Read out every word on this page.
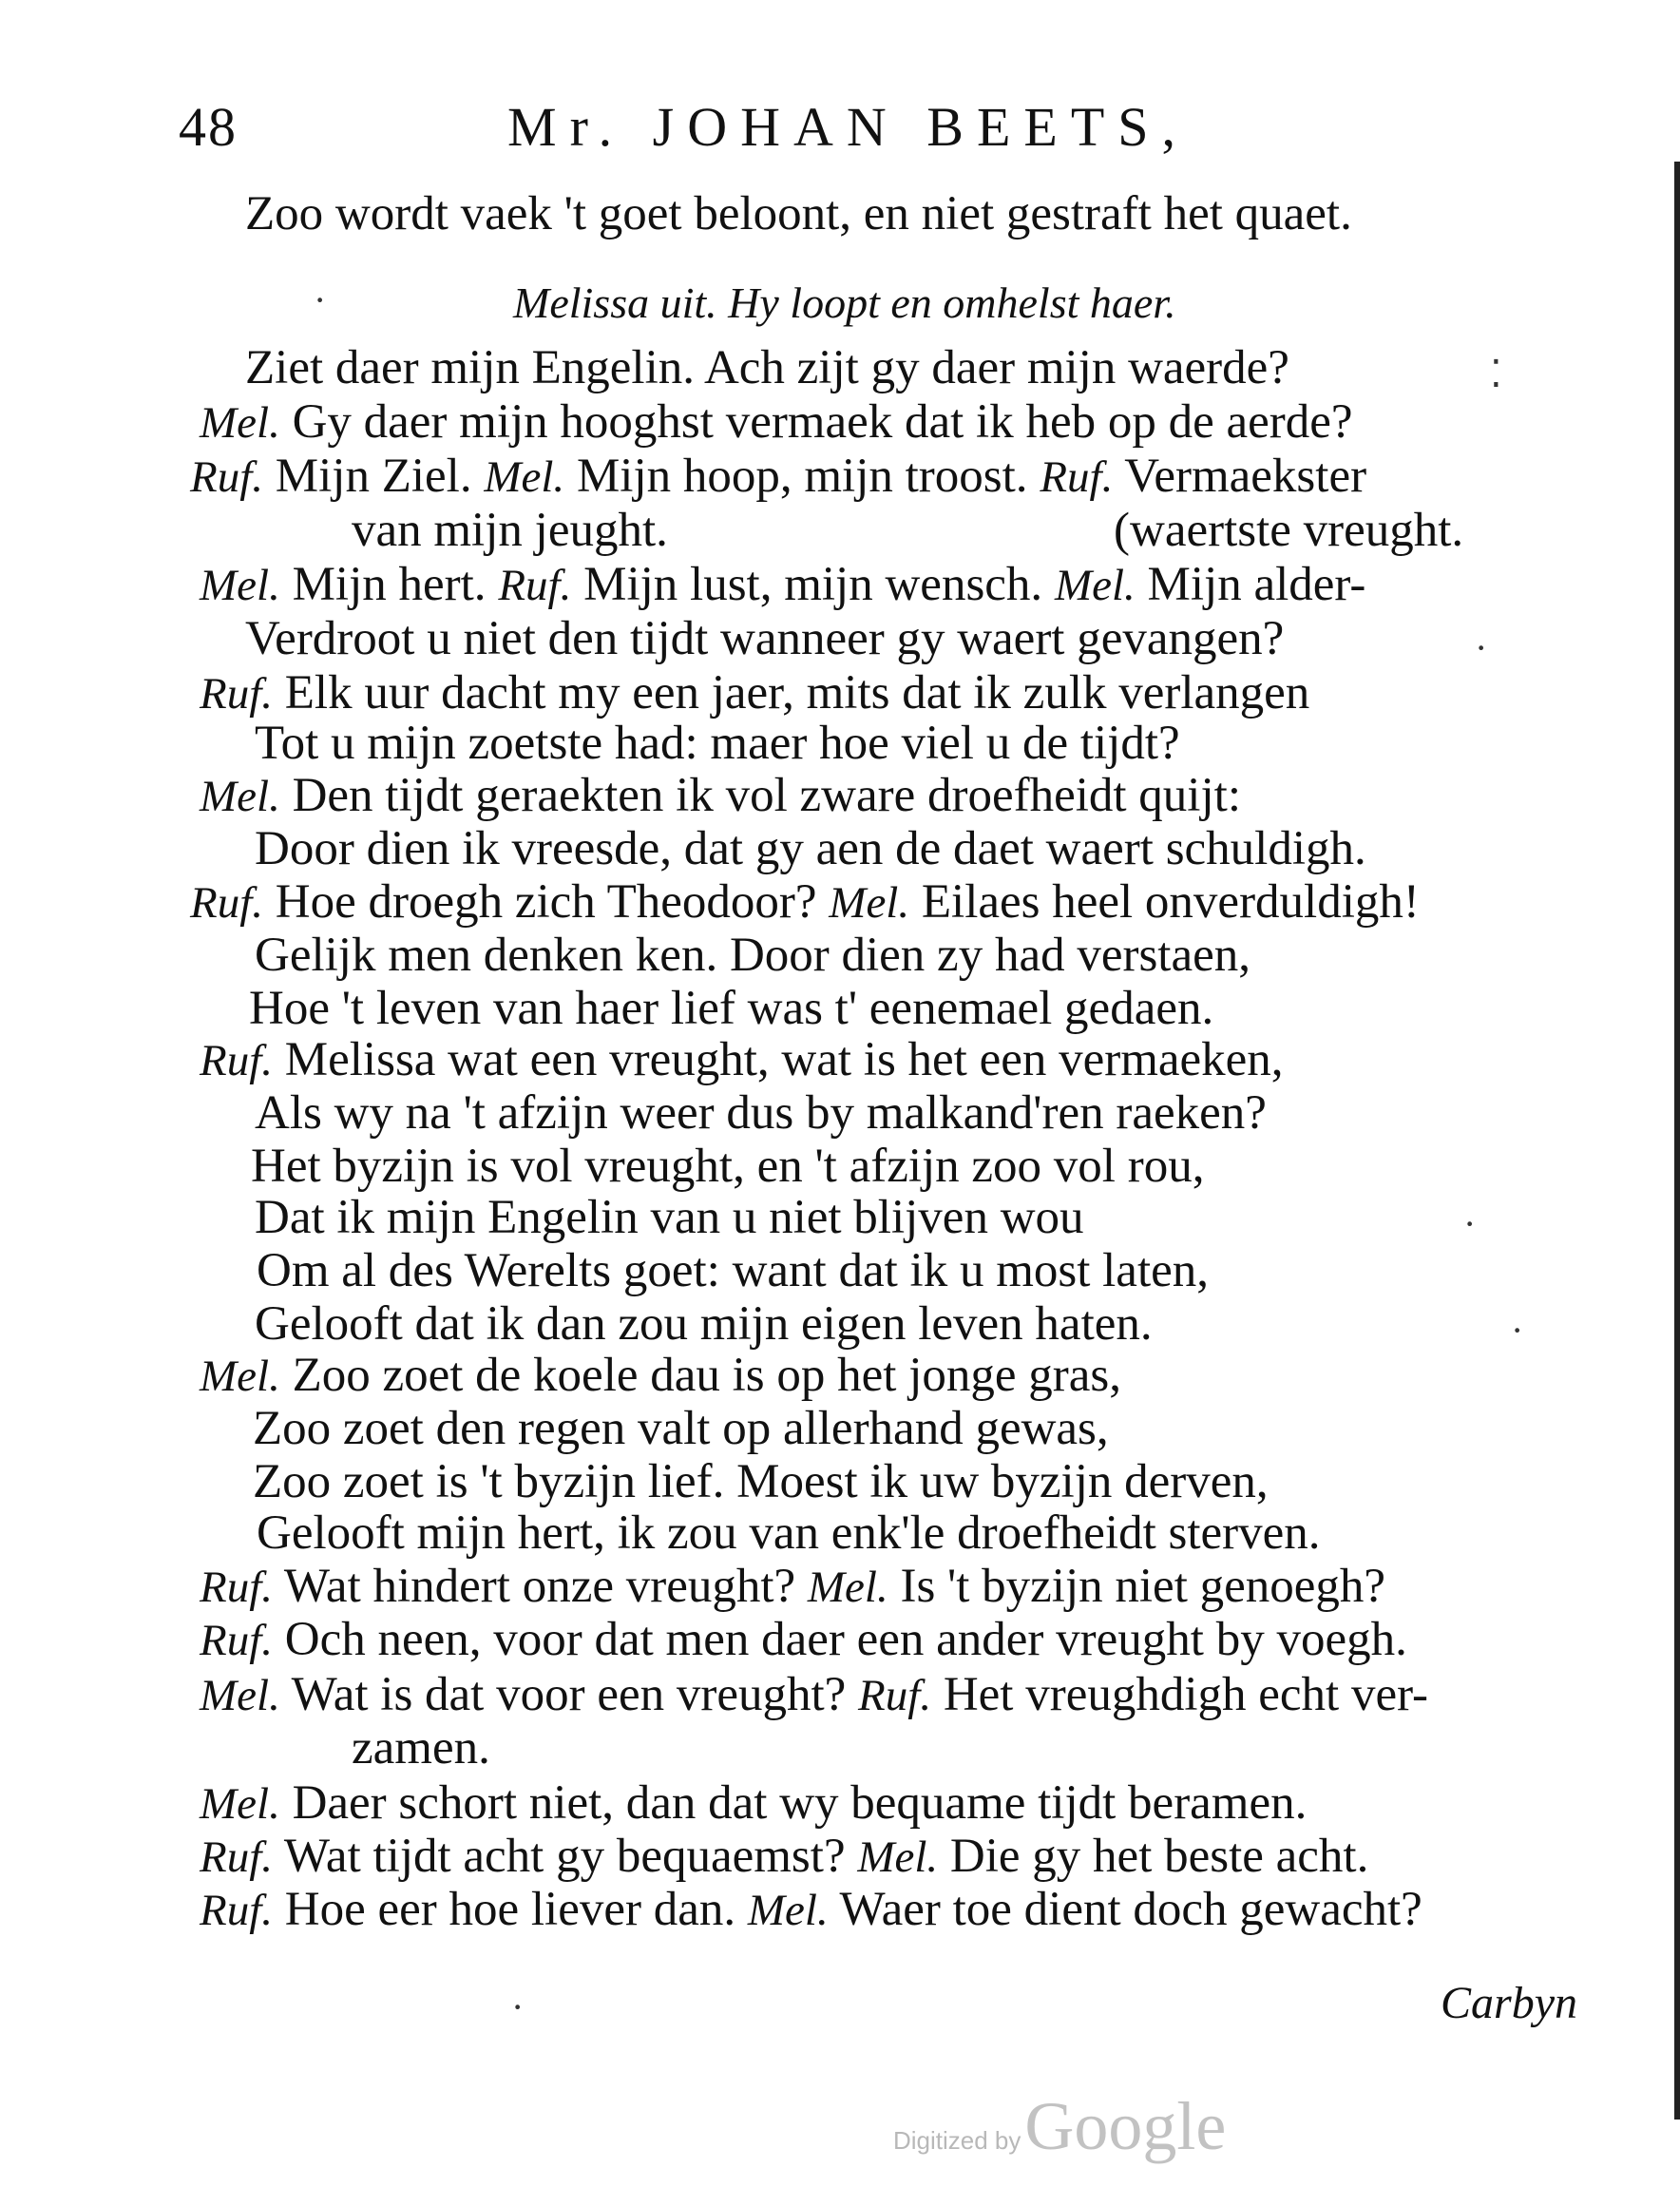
48	Mr. JOHAN BEETS,
Zoo wordt vaek 't goet beloont, en niet gestraft het quaet.
Melissa uit. Hy loopt en omhelst haer.
Ziet daer mijn Engelin. Ach zijt gy daer mijn waerde?
Mel. Gy daer mijn hooghst vermaek dat ik heb op de aerde?
Ruf. Mijn Ziel. Mel. Mijn hoop, mijn troost. Ruf. Vermaekster
van mijn jeught.	(waertste vreught.
Mel. Mijn hert. Ruf. Mijn lust, mijn wensch. Mel. Mijn alder-
Verdroot u niet den tijdt wanneer gy waert gevangen?
Ruf. Elk uur dacht my een jaer, mits dat ik zulk verlangen
Tot u mijn zoetste had: maer hoe viel u de tijdt?
Mel. Den tijdt geraekten ik vol zware droefheidt quijt:
Door dien ik vreesde, dat gy aen de daet waert schuldigh.
Ruf. Hoe droegh zich Theodoor? Mel. Eilaes heel onverduldigh!
Gelijk men denken ken. Door dien zy had verstaen,
Hoe 't leven van haer lief was t' eenemael gedaen.
Ruf. Melissa wat een vreught, wat is het een vermaeken,
Als wy na 't afzijn weer dus by malkand'ren raeken?
Het byzijn is vol vreught, en 't afzijn zoo vol rou,
Dat ik mijn Engelin van u niet blijven wou
Om al des Werelts goet: want dat ik u most laten,
Gelooft dat ik dan zou mijn eigen leven haten.
Mel. Zoo zoet de koele dau is op het jonge gras,
Zoo zoet den regen valt op allerhand gewas,
Zoo zoet is 't byzijn lief. Moest ik uw byzijn derven,
Gelooft mijn hert, ik zou van enk'le droefheidt sterven.
Ruf. Wat hindert onze vreught? Mel. Is 't byzijn niet genoegh?
Ruf. Och neen, voor dat men daer een ander vreught by voegh.
Mel. Wat is dat voor een vreught? Ruf. Het vreughdigh echt ver-
zamen.
Mel. Daer schort niet, dan dat wy bequame tijdt beramen.
Ruf. Wat tijdt acht gy bequaemst? Mel. Die gy het beste acht.
Ruf. Hoe eer hoe liever dan. Mel. Waer toe dient doch gewacht?
Carbyn
·
⁚
·
·
·
·
Digitized by Google
